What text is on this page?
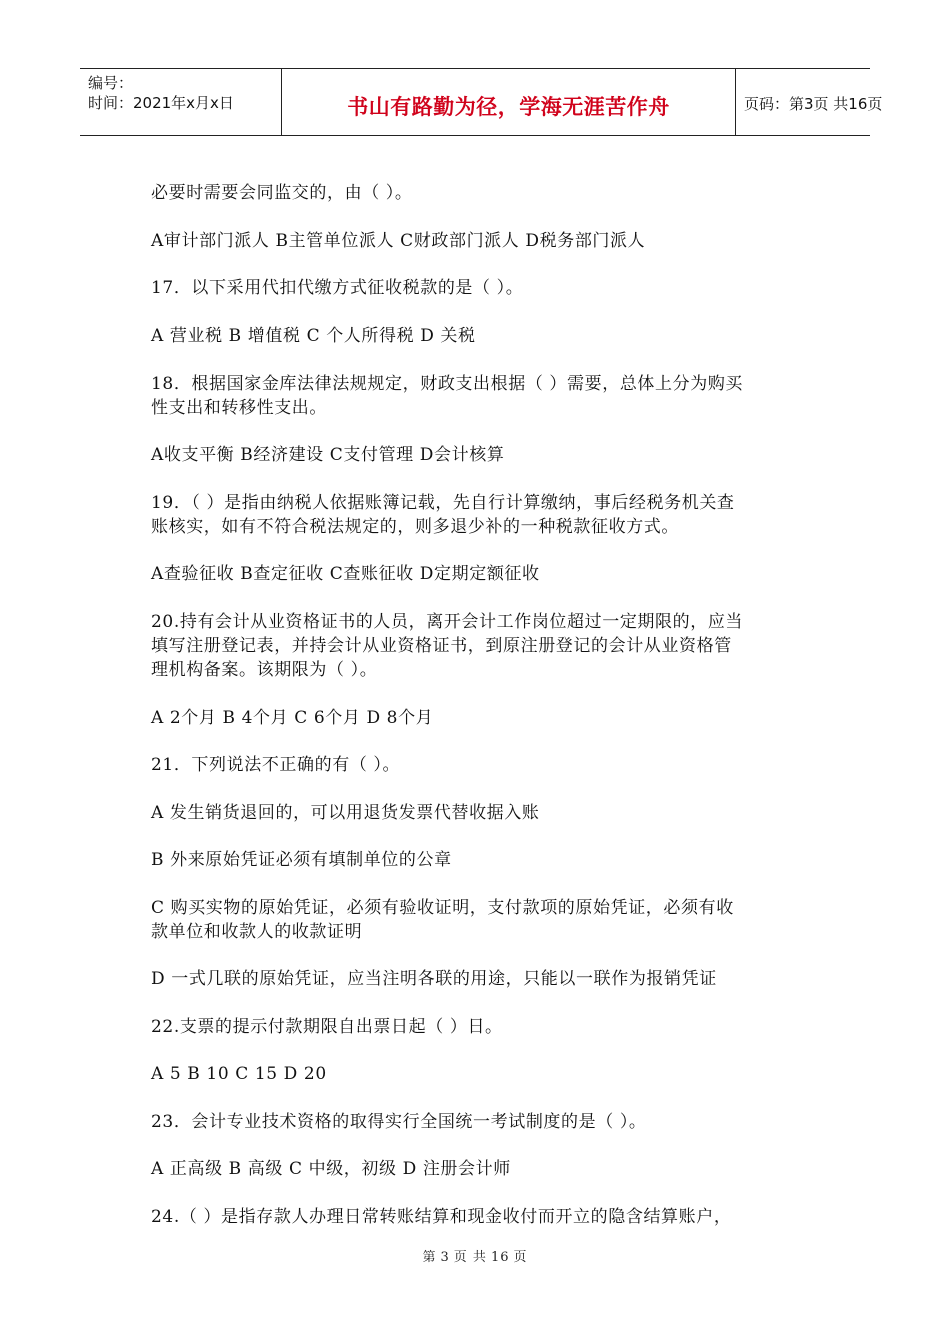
编号：
时间：2021年x月x日	书山有路勤为径，学海无涯苦作舟	页码：第3页 共16页
必要时需要会同监交的，由（ ）。
A审计部门派人 B主管单位派人 C财政部门派人 D税务部门派人
17．以下采用代扣代缴方式征收税款的是（ ）。
A 营业税 B 增值税 C 个人所得税 D 关税
18．根据国家金库法律法规规定，财政支出根据（ ）需要，总体上分为购买
性支出和转移性支出。
A收支平衡 B经济建设 C支付管理 D会计核算
19．（ ）是指由纳税人依据账簿记载，先自行计算缴纳，事后经税务机关查
账核实，如有不符合税法规定的，则多退少补的一种税款征收方式。
A查验征收 B查定征收 C查账征收 D定期定额征收
20.持有会计从业资格证书的人员，离开会计工作岗位超过一定期限的，应当
填写注册登记表，并持会计从业资格证书，到原注册登记的会计从业资格管
理机构备案。该期限为（ ）。
A 2个月 B 4个月 C 6个月 D 8个月
21．下列说法不正确的有（ ）。
A 发生销货退回的，可以用退货发票代替收据入账
B 外来原始凭证必须有填制单位的公章
C 购买实物的原始凭证，必须有验收证明，支付款项的原始凭证，必须有收
款单位和收款人的收款证明
D 一式几联的原始凭证，应当注明各联的用途，只能以一联作为报销凭证
22.支票的提示付款期限自出票日起（ ）日。
A 5 B 10 C 15 D 20
23．会计专业技术资格的取得实行全国统一考试制度的是（ ）。
A 正高级 B 高级 C 中级，初级 D 注册会计师
24.（ ）是指存款人办理日常转账结算和现金收付而开立的隐含结算账户，
第 3 页 共 16 页
